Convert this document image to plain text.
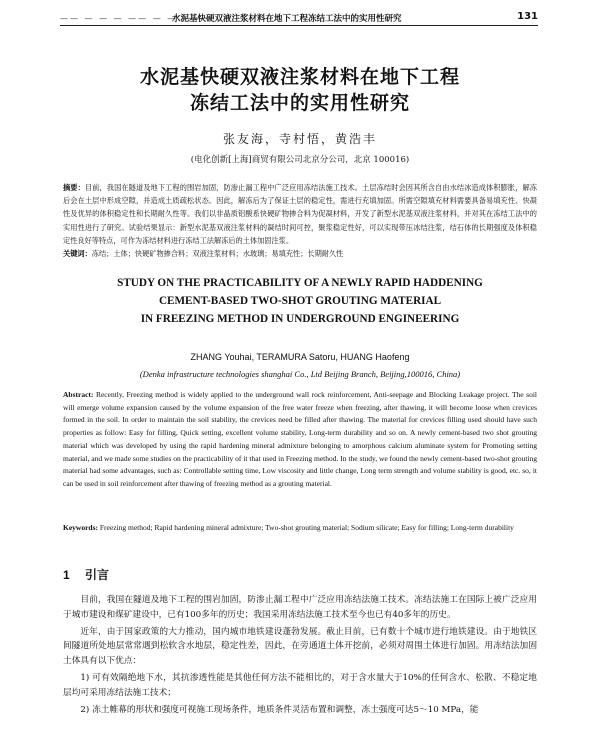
—— — — — —— — — — —
水泥基快硬双液注浆材料在地下工程冻结工法中的实用性研究	131
水泥基快硬双液注浆材料在地下工程
冻结工法中的实用性研究
张友海，寺村悟，黄浩丰
(电化创新[上海]商贸有限公司北京分公司，北京 100016)
摘要：目前，我国在隧道及地下工程的围岩加固，防渗止漏工程中广泛应用冻结法施工技术。土层冻结时会因其所含自由水结冰造成体积膨胀，解冻后会在土层中形成空隙，并造成土质疏松状态。因此，解冻后为了保证土层的稳定性，需进行充填加固。所需空隙填充材料需要具备易填充性、快凝性及优异的体积稳定性和长期耐久性等。我们以非晶质铝酸系快硬矿物掺合料为促凝材料，开发了新型水泥基双液注浆材料，并对其在冻结工法中的实用性进行了研究。试验结果显示：新型水泥基双液注浆材料的凝结时间可控，聚浆稳定性好，可以实现带压冰结注浆，结石体的长期强度及体积稳定性良好等特点，可作为冻结材料进行冻结工法解冻后的土体加固注浆。
关键词：冻结；土体；快硬矿物掺合料；双液注浆材料；水玻璃；易填充性；长期耐久性
STUDY ON THE PRACTICABILITY OF A NEWLY RAPID HADDENING
CEMENT-BASED TWO-SHOT GROUTING MATERIAL
IN FREEZING METHOD IN UNDERGROUND ENGINEERING
ZHANG Youhai, TERAMURA Satoru, HUANG Haofeng
(Denka infrastructure technologies shanghai Co., Ltd Beijing Branch, Beijing,100016, China)
Abstract: Recently, Freezing method is widely applied to the underground wall rock reinforcement, Anti-seepage and Blocking Leakage project. The soil will emerge volume expansion caused by the volume expansion of the free water freeze when freezing, after thawing, it will become loose when crevices formed in the soil. In order to maintain the soil stability, the crevices need be filled after thawing. The material for crevices filling used should have such properties as follow: Easy for filling, Quick setting, excellent volume stability, Long-term durability and so on. A newly cement-based two shot grouting material which was developed by using the rapid hardening mineral admixture belonging to amorphous calcium aluminate system for Promoting setting material, and we made some studies on the practicability of it that used in Freezing method. In the study, we found the newly cement-based two-shot grouting material had some advantages, such as: Controllable setting time, Low viscosity and little change, Long term strength and volume stability is good, etc. so, it can be used in soil reinforcement after thawing of freezing method as a grouting material.
Keywords: Freezing method; Rapid hardening mineral admixture; Two-shot grouting material; Sodium silicate; Easy for filling; Long-term durability
1 引言

目前，我国在隧道及地下工程的围岩加固，防渗止漏工程中广泛应用冻结法施工技术。冻结法施工在国际上被广泛应用于城市建设和煤矿建设中，已有100多年的历史；我国采用冻结法施工技术至今也已有40多年的历史。

近年，由于国家政策的大力推动，国内城市地铁建设蓬勃发展。截止目前，已有数十个城市进行地铁建设。由于地铁区间隧道所处地层常常遇到松软含水地层，稳定性差，因此，在旁通道土体开挖前，必须对周围土体进行加固。用冻结法加固土体具有以下优点：

1) 可有效隔绝地下水，其抗渗透性能是其他任何方法不能相比的，对于含水量大于10%的任何含水、松散、不稳定地层均可采用冻结法施工技术；

2) 冻土帷幕的形状和强度可视施工现场条件，地质条件灵活布置和调整，冻土强度可达5～10 MPa，能
